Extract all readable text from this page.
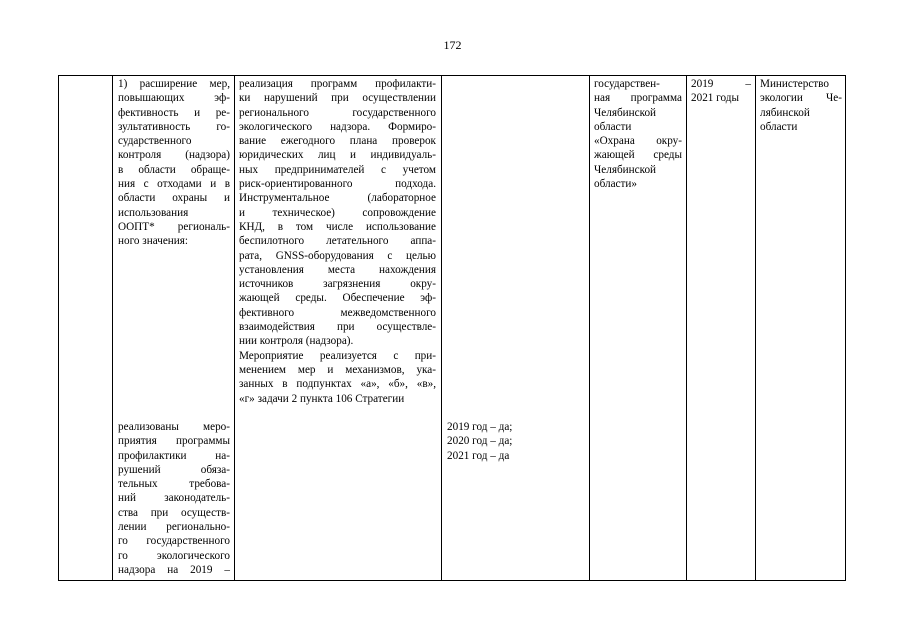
172
1) расширение мер,
повышающих эф-
фективность и ре-
зультативность го-
сударственного
контроля (надзора)
в области обраще-
ния с отходами и в
области охраны и
использования
ООПТ* региональ-
ного значения:
реализованы меро-
приятия программы
профилактики на-
рушений обяза-
тельных требова-
ний законодатель-
ства при осуществ-
лении регионально-
го государственного
го экологического
надзора на 2019 –
реализация программ профилакти-
ки нарушений при осуществлении
регионального государственного
экологического надзора. Формиро-
вание ежегодного плана проверок
юридических лиц и индивидуаль-
ных предпринимателей с учетом
риск-ориентированного подхода.
Инструментальное (лабораторное
и техническое) сопровождение
КНД, в том числе использование
беспилотного летательного аппа-
рата, GNSS-оборудования с целью
установления места нахождения
источников загрязнения окру-
жающей среды. Обеспечение эф-
фективного межведомственного
взаимодействия при осуществле-
нии контроля (надзора).
Мероприятие реализуется с при-
менением мер и механизмов, ука-
занных в подпунктах «а», «б», «в»,
«г» задачи 2 пункта 106 Стратегии
2019 год – да;
2020 год – да;
2021 год – да
государствен-
ная программа
Челябинской
области
«Охрана окру-
жающей среды
Челябинской
области»
2019 –
2021 годы
Министерство
экологии Че-
лябинской
области
